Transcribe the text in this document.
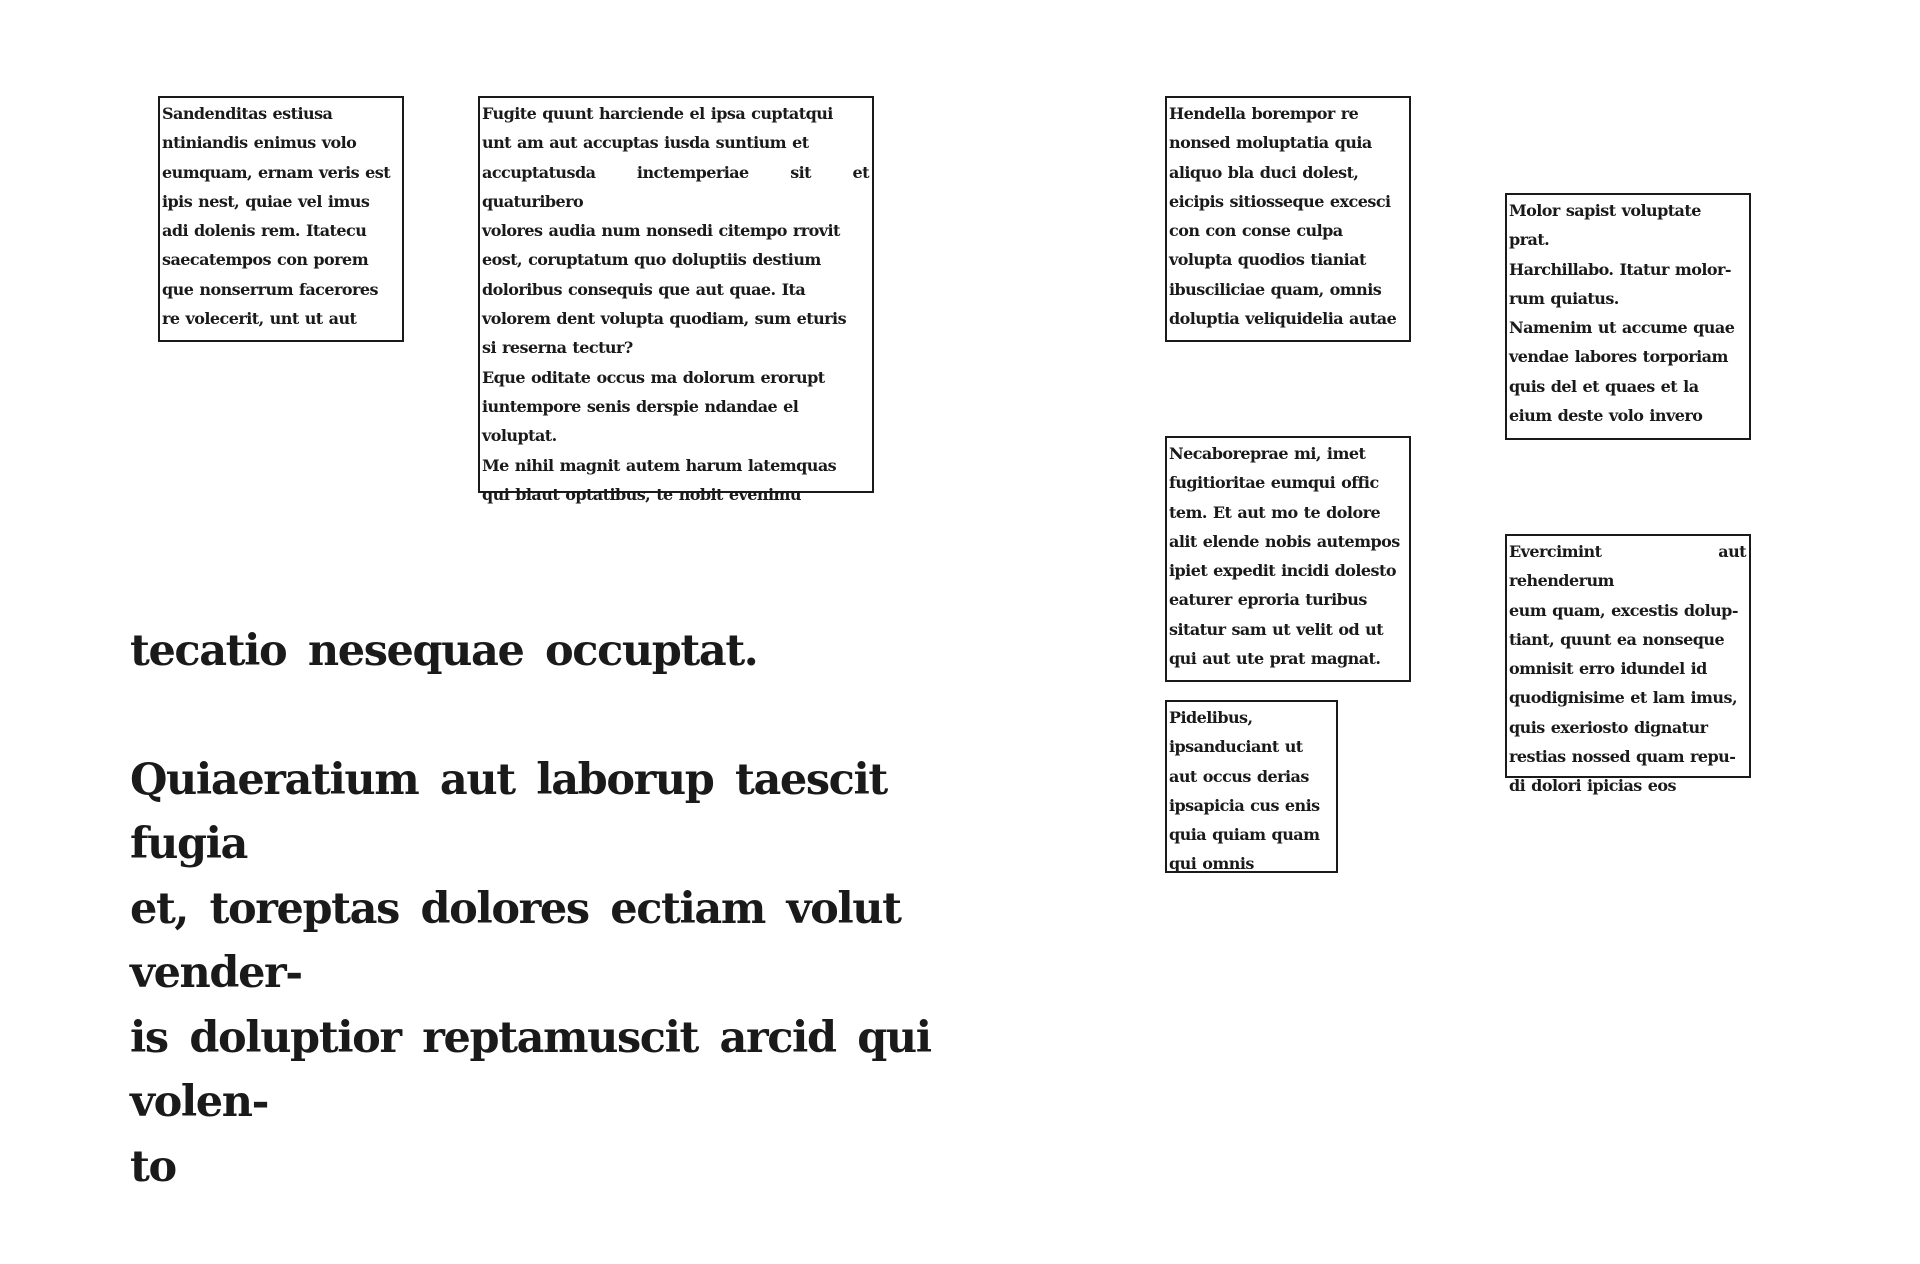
Sandenditas estiusa
ntiniandis enimus volo
eumquam, ernam veris est
ipis nest, quiae vel imus
adi dolenis rem. Itatecu
saecatempos con porem
que nonserrum facerores
re volecerit, unt ut aut

Fugite quunt harciende el ipsa cuptatqui
unt am aut accuptas iusda suntium et
accuptatusda inctemperiae sit et quaturibero
volores audia num nonsedi citempo rrovit
eost, coruptatum quo doluptiis destium
doloribus consequis que aut quae. Ita
volorem dent volupta quodiam, sum eturis
si reserna tectur?

Eque oditate occus ma dolorum erorupt
iuntempore senis derspie ndandae el
voluptat.

Me nihil magnit autem harum latemquas
qui blaut optatibus, te nobit evenimu

Hendella borempor re
nonsed moluptatia quia
aliquo bla duci dolest,
eicipis sitiosseque excesci
con con conse culpa
volupta quodios tianiat
ibusciliciae quam, omnis
doluptia veliquidelia autae

Molor sapist voluptate
prat.

Harchillabo. Itatur molor-
rum quiatus.

Namenim ut accume quae
vendae labores torporiam
quis del et quaes et la
eium deste volo invero

Necaboreprae mi, imet
fugitioritae eumqui offic
tem. Et aut mo te dolore
alit elende nobis autempos
ipiet expedit incidi dolesto
eaturer eproria turibus
sitatur sam ut velit od ut
qui aut ute prat magnat.

Evercimint aut rehenderum
eum quam, excestis dolup-
tiant, quunt ea nonseque
omnisit erro idundel id
quodignisime et lam imus,
quis exeriosto dignatur
restias nossed quam repu-
di dolori ipicias eos

Pidelibus,
ipsanduciant ut
aut occus derias
ipsapicia cus enis
quia quiam quam
qui omnis

tecatio nesequae occuptat.

Quiaeratium aut laborup taescit fugia
et, toreptas dolores ectiam volut vender-
is doluptior reptamuscit arcid qui volen-
to
